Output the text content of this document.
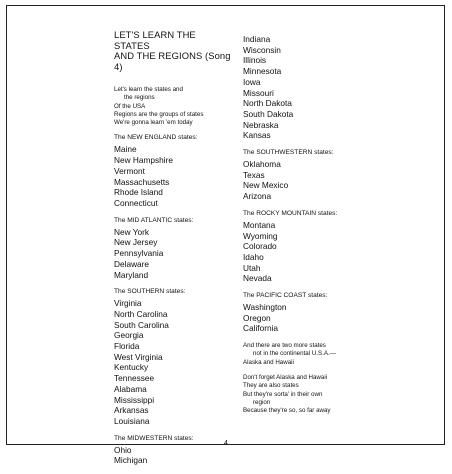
LET'S LEARN THE STATES
AND THE REGIONS (Song 4)
Let's learn the states and
the regions
Of the USA
Regions are the groups of states
We're gonna learn 'em today
The NEW ENGLAND states:
Maine
New Hampshire
Vermont
Massachusetts
Rhode Island
Connecticut
The MID ATLANTIC states:
New York
New Jersey
Pennsylvania
Delaware
Maryland
The SOUTHERN states:
Virginia
North Carolina
South Carolina
Georgia
Florida
West Virginia
Kentucky
Tennessee
Alabama
Mississippi
Arkansas
Louisiana
The MIDWESTERN states:
Ohio
Michigan
Indiana
Wisconsin
Illinois
Minnesota
Iowa
Missouri
North Dakota
South Dakota
Nebraska
Kansas
The SOUTHWESTERN states:
Oklahoma
Texas
New Mexico
Arizona
The ROCKY MOUNTAIN states:
Montana
Wyoming
Colorado
Idaho
Utah
Nevada
The PACIFIC COAST states:
Washington
Oregon
California
And there are two more states
not in the continental U.S.A.—
Alaska and Hawaii
Don't forget Alaska and Hawaii
They are also states
But they're sorta' in their own
region
Because they're so, so far away
4
